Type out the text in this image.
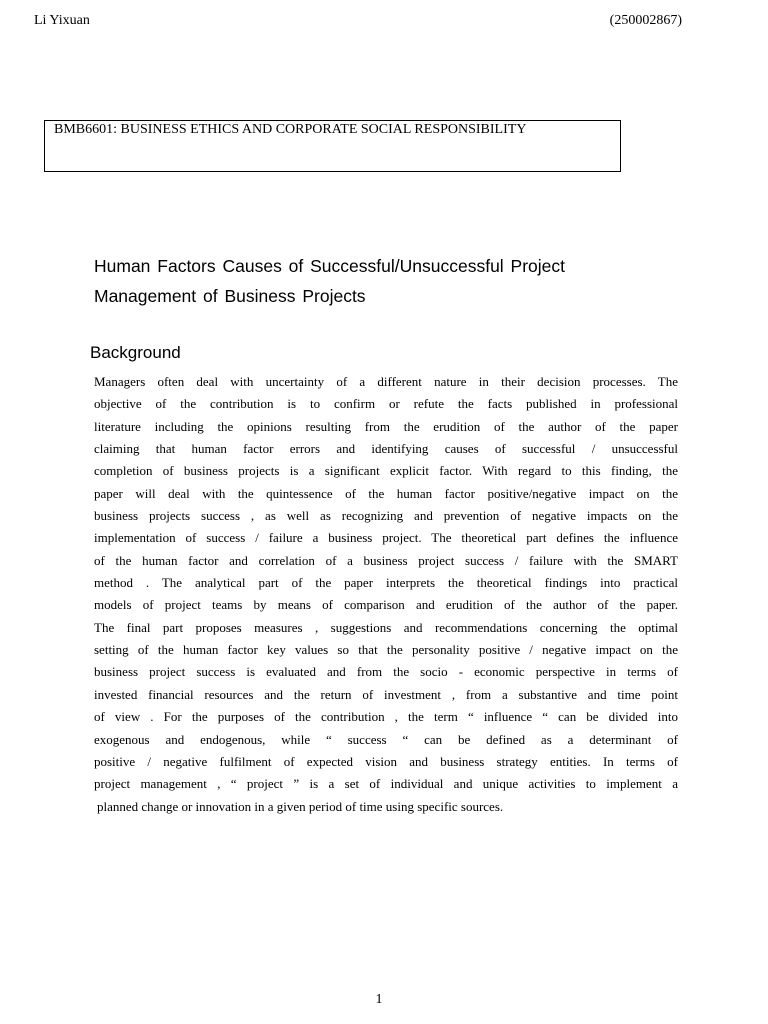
Li Yixuan	(250002867)
BMB6601: BUSINESS ETHICS AND CORPORATE SOCIAL RESPONSIBILITY
Human Factors Causes of Successful/Unsuccessful Project
Management of Business Projects
Background
Managers often deal with uncertainty of a different nature in their decision processes. The
objective of the contribution is to confirm or refute the facts published in professional
literature including the opinions resulting from the erudition of the author of the paper
claiming that human factor errors and identifying causes of successful / unsuccessful
completion of business projects is a significant explicit factor. With regard to this finding, the
paper will deal with the quintessence of the human factor positive/negative impact on the
business projects success , as well as recognizing and prevention of negative impacts on the
implementation of success / failure a business project. The theoretical part defines the influence
of the human factor and correlation of a business project success / failure with the SMART
method . The analytical part of the paper interprets the theoretical findings into practical
models of project teams by means of comparison and erudition of the author of the paper.
The final part proposes measures , suggestions and recommendations concerning the optimal
setting of the human factor key values so that the personality positive / negative impact on the
business project success is evaluated and from the socio - economic perspective in terms of
invested financial resources and the return of investment , from a substantive and time point
of view . For the purposes of the contribution , the term “ influence “ can be divided into
exogenous and endogenous, while “ success “ can be defined as a determinant of
positive / negative fulfilment of expected vision and business strategy entities. In terms of
project management , “ project ” is a set of individual and unique activities to implement a
planned change or innovation in a given period of time using specific sources.
1
